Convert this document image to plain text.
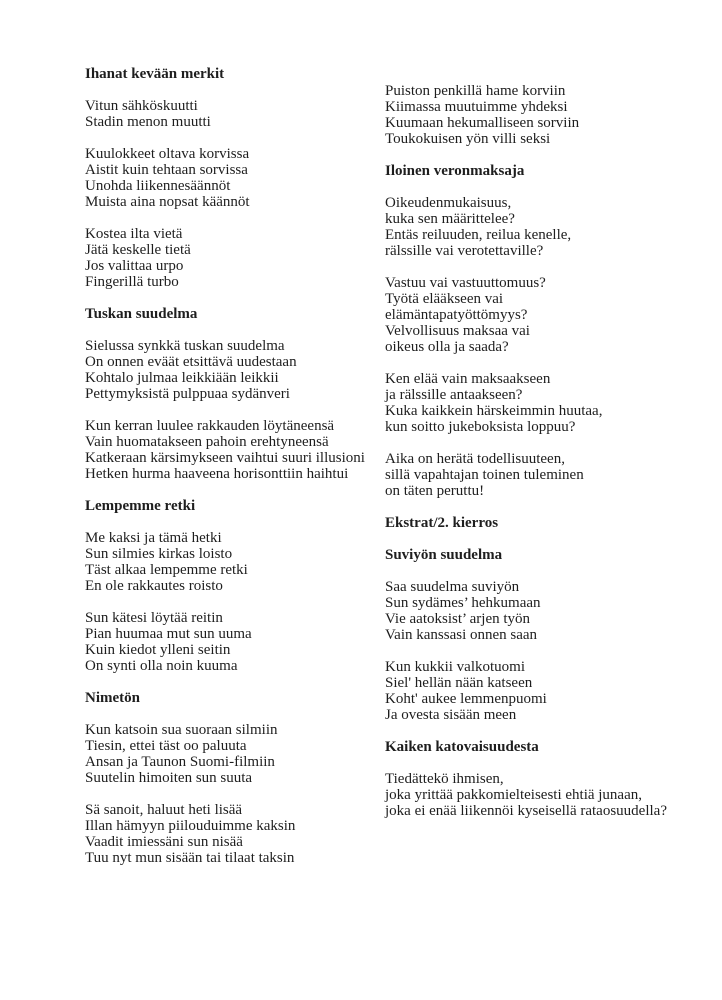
Ihanat kevään merkit
Vitun sähköskuutti
Stadin menon muutti
Kuulokkeet oltava korvissa
Aistit kuin tehtaan sorvissa
Unohda liikennesäännöt
Muista aina nopsat käännöt
Kostea ilta vietä
Jätä keskelle tietä
Jos valittaa urpo
Fingerillä turbo
Tuskan suudelma
Sielussa synkkä tuskan suudelma
On onnen eväät etsittävä uudestaan
Kohtalo julmaa leikkiään leikkii
Pettymyksistä pulppuaa sydänveri
Kun kerran luulee rakkauden löytäneensä
Vain huomatakseen pahoin erehtyneensä
Katkeraan kärsimykseen vaihtui suuri illusioni
Hetken hurma haaveena horisonttiin haihtui
Lempemme retki
Me kaksi ja tämä hetki
Sun silmies kirkas loisto
Täst alkaa lempemme retki
En ole rakkautes roisto
Sun kätesi löytää reitin
Pian huumaa mut sun uuma
Kuin kiedot ylleni seitin
On synti olla noin kuuma
Nimetön
Kun katsoin sua suoraan silmiin
Tiesin, ettei täst oo paluuta
Ansan ja Taunon Suomi-filmiin
Suutelin himoiten sun suuta
Sä sanoit, haluut heti lisää
Illan hämyyn piilouduimme kaksin
Vaadit imiessäni sun nisää
Tuu nyt mun sisään tai tilaat taksin
Puiston penkillä hame korviin
Kiimassa muutuimme yhdeksi
Kuumaan hekumalliseen sorviin
Toukokuisen yön villi seksi
Iloinen veronmaksaja
Oikeudenmukaisuus,
kuka sen määrittelee?
Entäs reiluuden, reilua kenelle,
rälssille vai verotettaville?
Vastuu vai vastuuttomuus?
Työtä elääkseen vai
elämäntapatyöttömyys?
Velvollisuus maksaa vai
oikeus olla ja saada?
Ken elää vain maksaakseen
ja rälssille antaakseen?
Kuka kaikkein härskeimmin huutaa,
kun soitto jukeboksista loppuu?
Aika on herätä todellisuuteen,
sillä vapahtajan toinen tuleminen
on täten peruttu!
Ekstrat/2. kierros
Suviyön suudelma
Saa suudelma suviyön
Sun sydämes’ hehkumaan
Vie aatoksist’ arjen työn
Vain kanssasi onnen saan
Kun kukkii valkotuomi
Siel' hellän nään katseen
Koht' aukee lemmenpuomi
Ja ovesta sisään meen
Kaiken katovaisuudesta
Tiedättekö ihmisen,
joka yrittää pakkomielteisesti ehtiä junaan,
joka ei enää liikennöi kyseisellä rataosuudella?
